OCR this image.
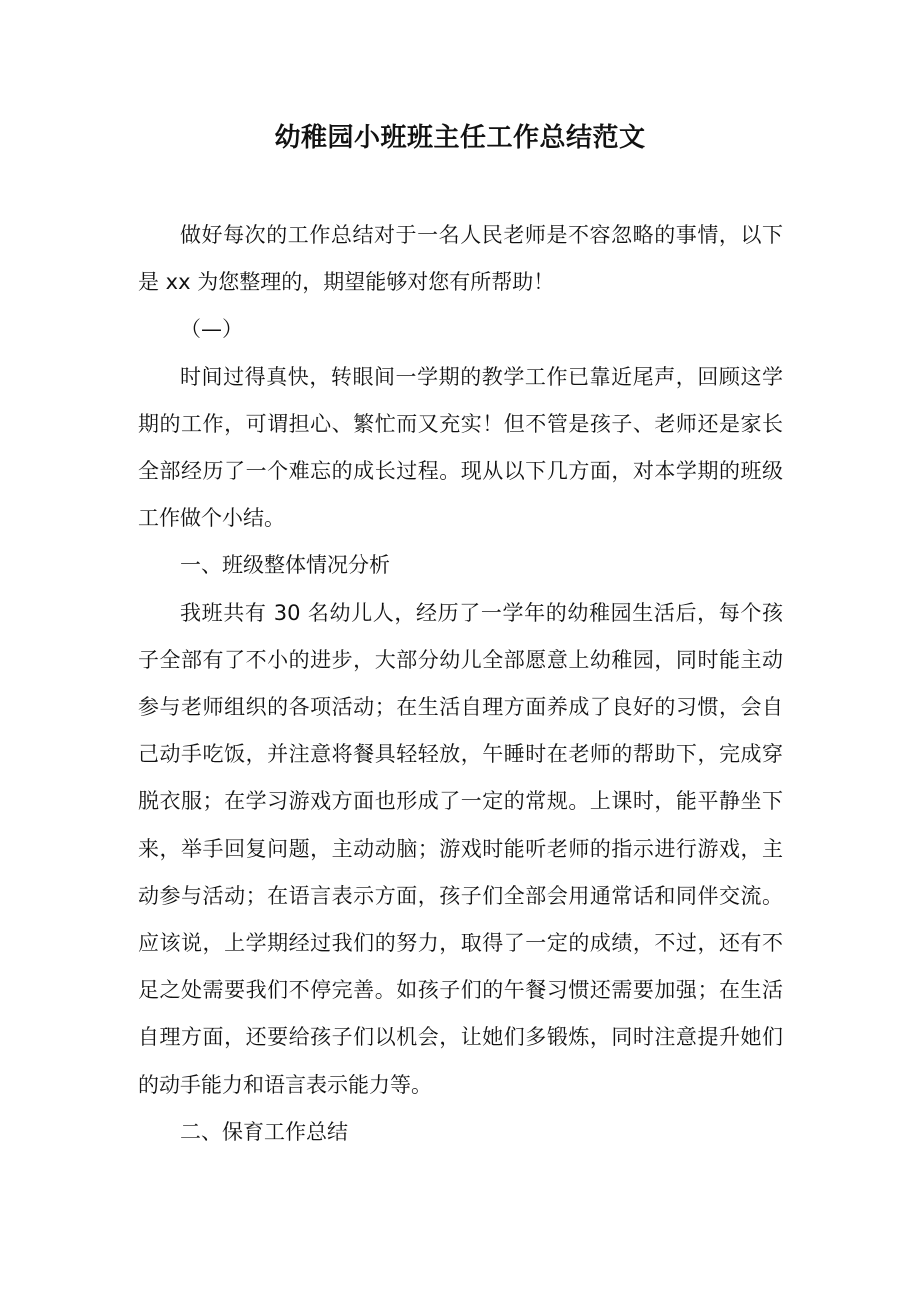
幼稚园小班班主任工作总结范文

做好每次的工作总结对于一名人民老师是不容忽略的事情，以下是 xx 为您整理的，期望能够对您有所帮助！

（—）

时间过得真快，转眼间一学期的教学工作已靠近尾声，回顾这学期的工作，可谓担心、繁忙而又充实！但不管是孩子、老师还是家长全部经历了一个难忘的成长过程。现从以下几方面，对本学期的班级工作做个小结。

一、班级整体情况分析

我班共有 30 名幼儿人，经历了一学年的幼稚园生活后，每个孩子全部有了不小的进步，大部分幼儿全部愿意上幼稚园，同时能主动参与老师组织的各项活动；在生活自理方面养成了良好的习惯，会自己动手吃饭，并注意将餐具轻轻放，午睡时在老师的帮助下，完成穿脱衣服；在学习游戏方面也形成了一定的常规。上课时，能平静坐下来，举手回复问题，主动动脑；游戏时能听老师的指示进行游戏，主动参与活动；在语言表示方面，孩子们全部会用通常话和同伴交流。应该说，上学期经过我们的努力，取得了一定的成绩，不过，还有不足之处需要我们不停完善。如孩子们的午餐习惯还需要加强；在生活自理方面，还要给孩子们以机会，让她们多锻炼，同时注意提升她们的动手能力和语言表示能力等。

二、保育工作总结
